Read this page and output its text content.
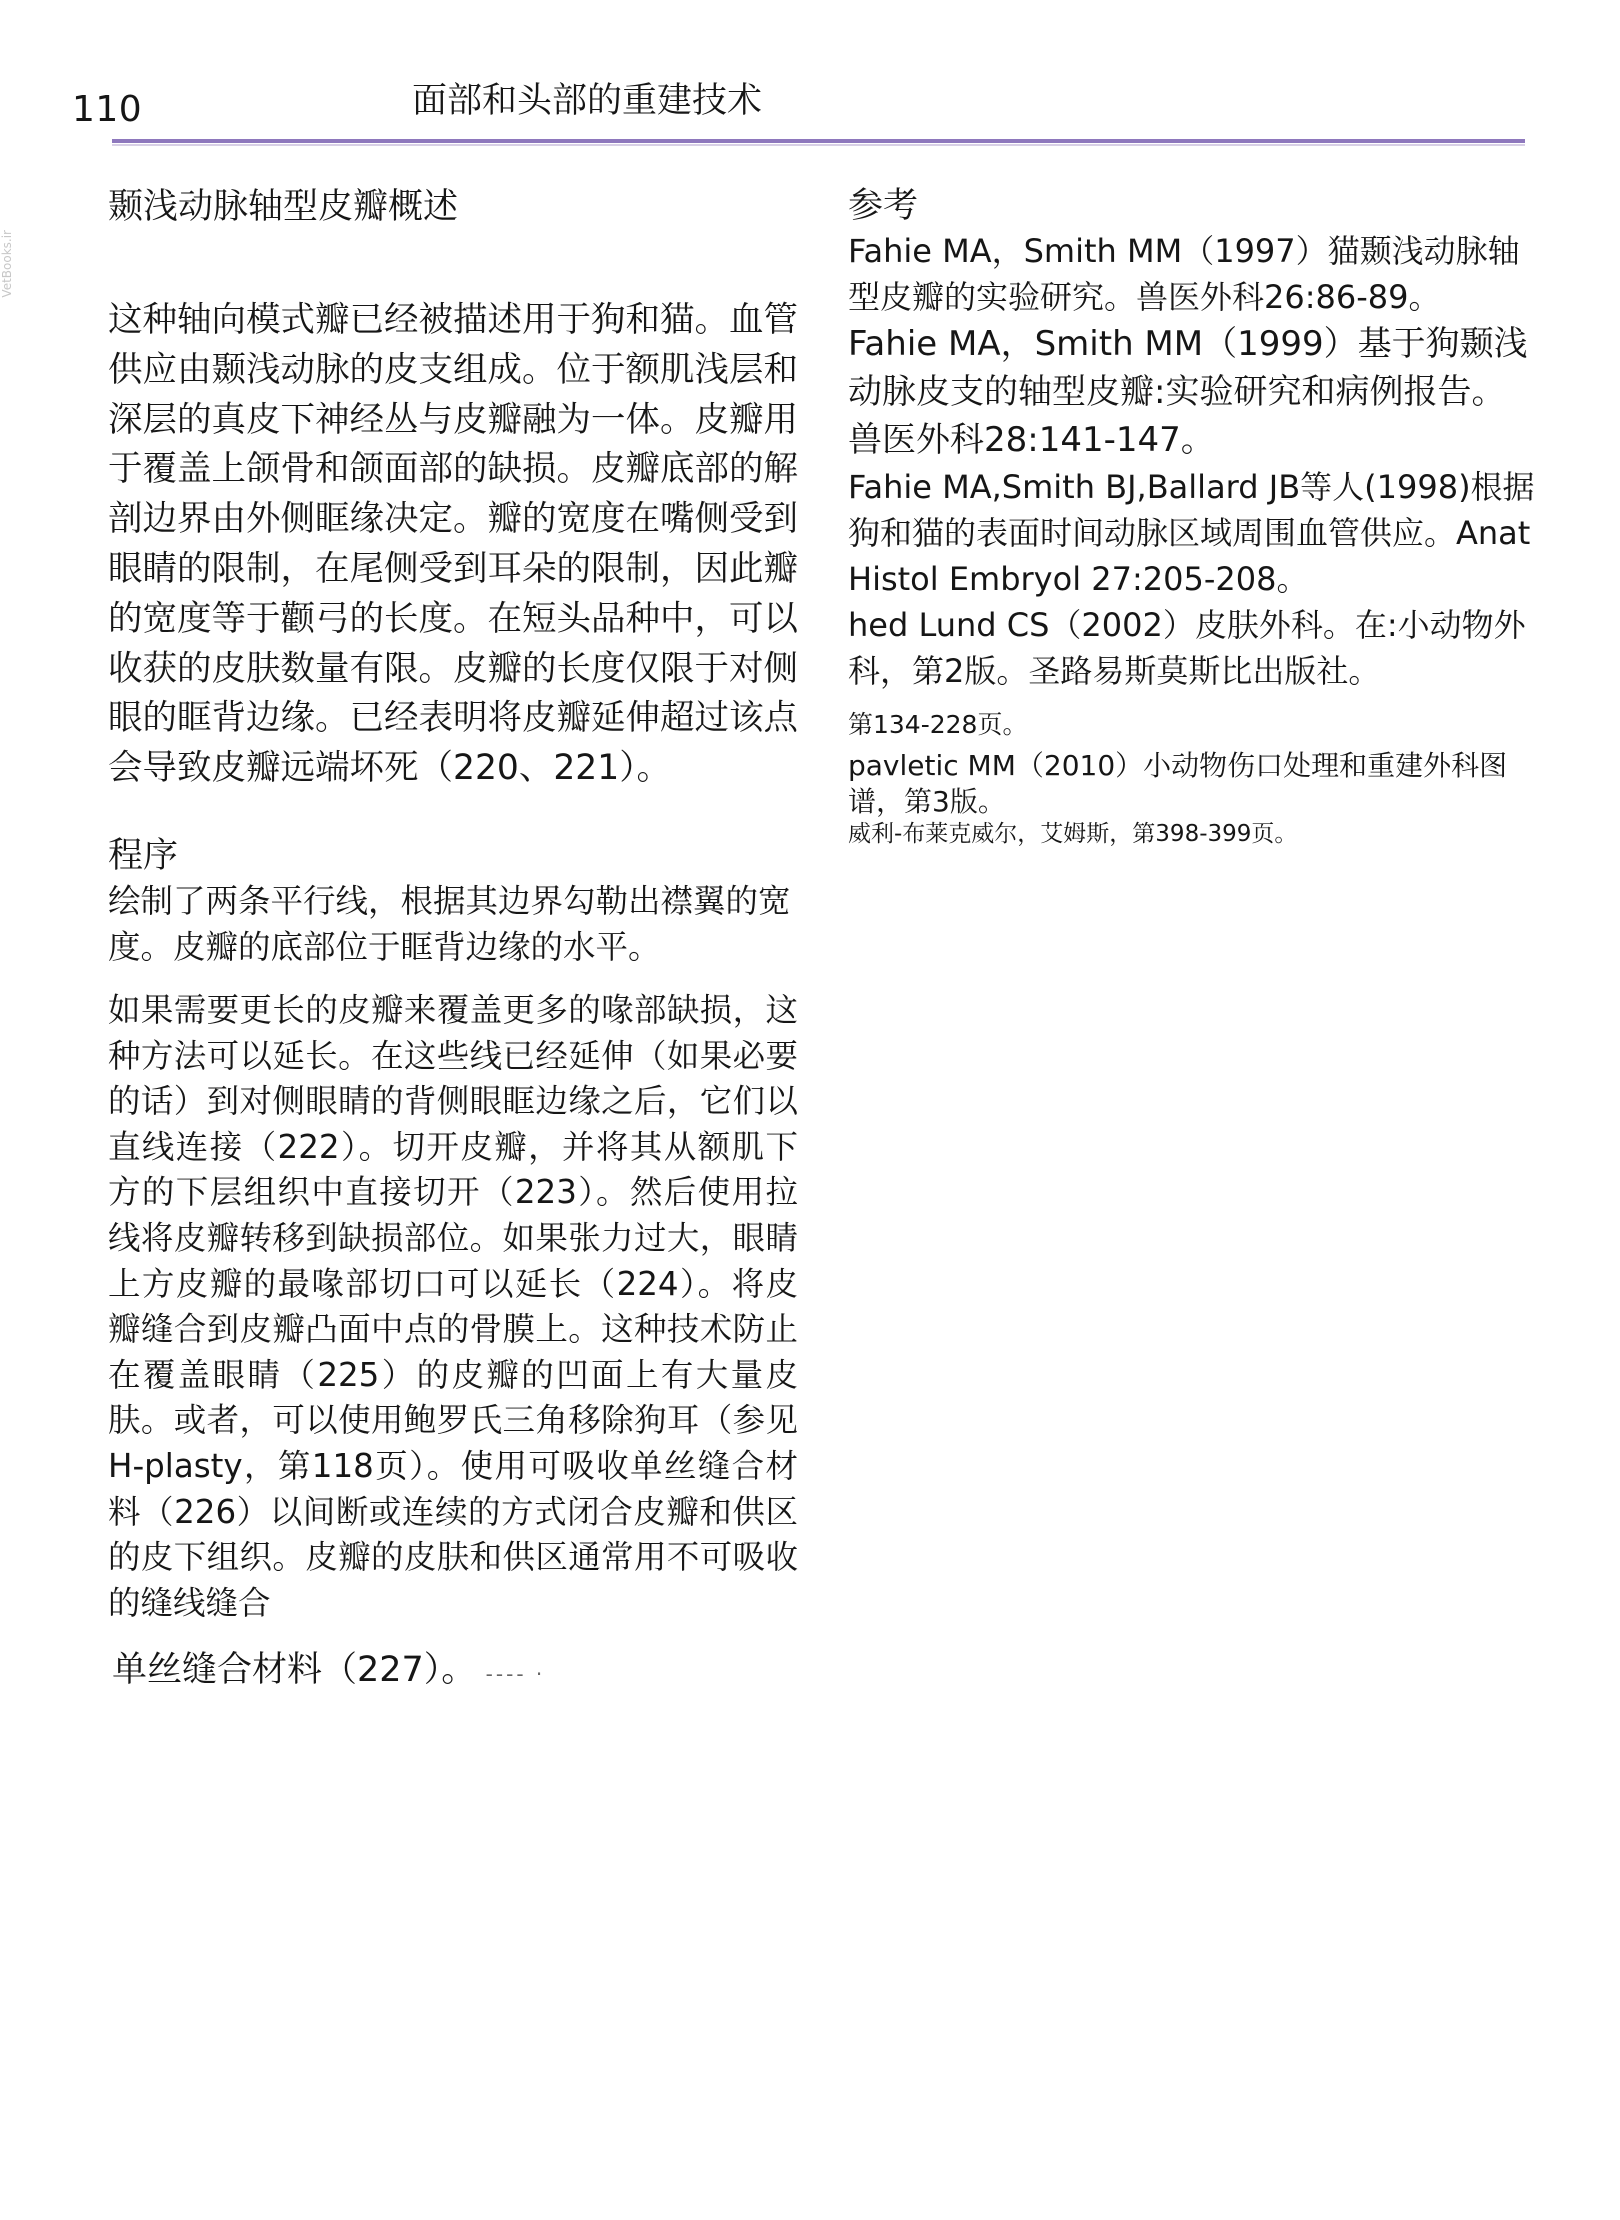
110	面部和头部的重建技术
VetBooks.ir
颞浅动脉轴型皮瓣概述

这种轴向模式瓣已经被描述用于狗和猫。血管供应由颞浅动脉的皮支组成。位于额肌浅层和深层的真皮下神经丛与皮瓣融为一体。皮瓣用于覆盖上颌骨和颌面部的缺损。皮瓣底部的解剖边界由外侧眶缘决定。瓣的宽度在嘴侧受到眼睛的限制，在尾侧受到耳朵的限制，因此瓣的宽度等于颧弓的长度。在短头品种中，可以收获的皮肤数量有限。皮瓣的长度仅限于对侧眼的眶背边缘。已经表明将皮瓣延伸超过该点会导致皮瓣远端坏死（220、221）。

程序

绘制了两条平行线，根据其边界勾勒出襟翼的宽度。皮瓣的底部位于眶背边缘的水平。

如果需要更长的皮瓣来覆盖更多的喙部缺损，这种方法可以延长。在这些线已经延伸（如果必要的话）到对侧眼睛的背侧眼眶边缘之后，它们以直线连接（222）。切开皮瓣，并将其从额肌下方的下层组织中直接切开（223）。然后使用拉线将皮瓣转移到缺损部位。如果张力过大，眼睛上方皮瓣的最喙部切口可以延长（224）。将皮瓣缝合到皮瓣凸面中点的骨膜上。这种技术防止在覆盖眼睛（225）的皮瓣的凹面上有大量皮肤。或者，可以使用鲍罗氏三角移除狗耳（参见H-plasty，第118页）。使用可吸收单丝缝合材料（226）以间断或连续的方式闭合皮瓣和供区的皮下组织。皮瓣的皮肤和供区通常用不可吸收的缝线缝合

单丝缝合材料（227）。 ‐‐‐‐ ·

参考

Fahie MA，Smith MM（1997）猫颞浅动脉轴型皮瓣的实验研究。兽医外科26:86-89。

Fahie MA，Smith MM（1999）基于狗颞浅动脉皮支的轴型皮瓣:实验研究和病例报告。兽医外科28:141-147。

Fahie MA,Smith BJ,Ballard JB等人(1998)根据狗和猫的表面时间动脉区域周围血管供应。Anat Histol Embryol 27:205-208。

hed Lund CS（2002）皮肤外科。在:小动物外科，第2版。圣路易斯莫斯比出版社。

第134-228页。

pavletic MM（2010）小动物伤口处理和重建外科图谱，第3版。

威利-布莱克威尔，艾姆斯，第398-399页。
